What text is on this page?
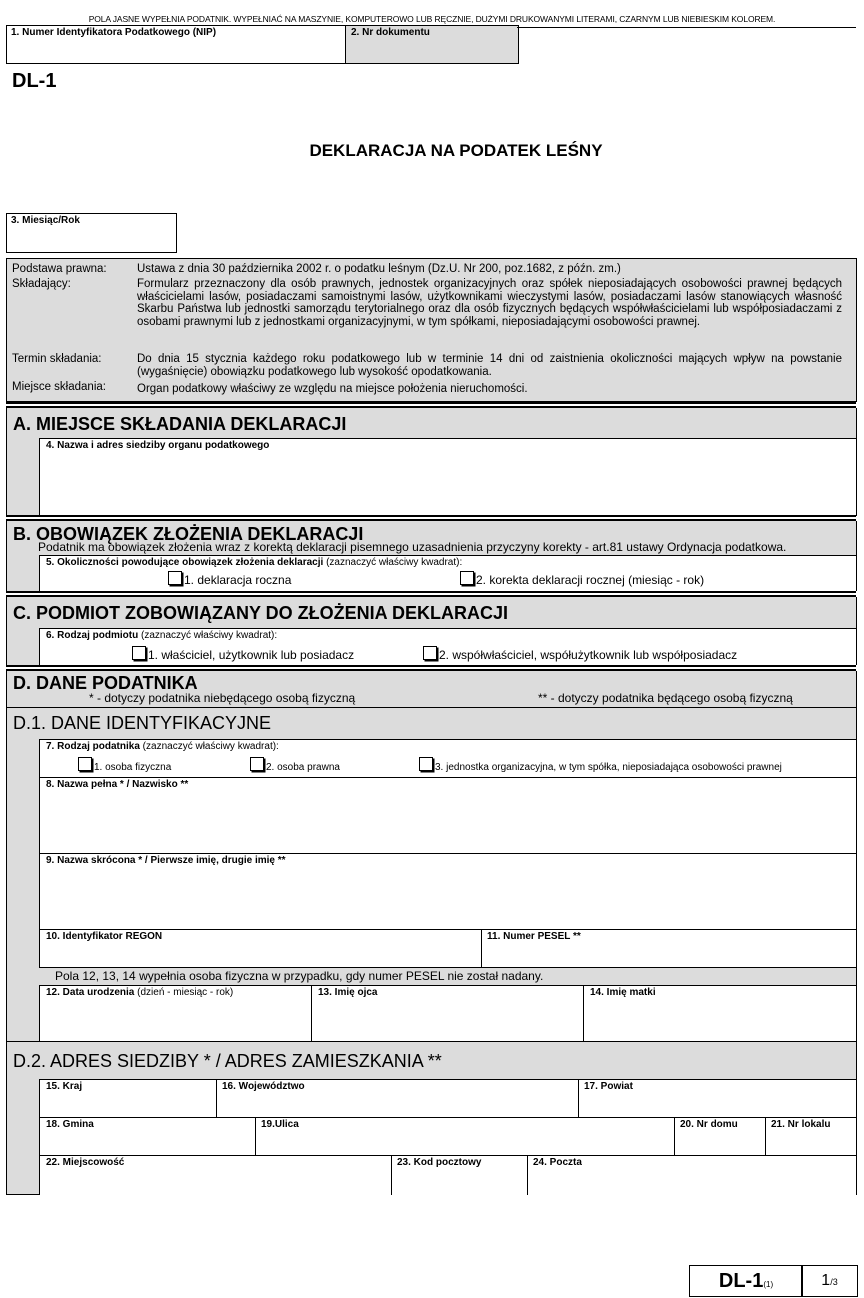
POLA JASNE WYPEŁNIA PODATNIK. WYPEŁNIAĆ NA MASZYNIE, KOMPUTEROWO LUB RĘCZNIE, DUŻYMI DRUKOWANYMI LITERAMI, CZARNYM LUB NIEBIESKIM KOLOREM.
1. Numer Identyfikatora Podatkowego (NIP)	2. Nr dokumentu
DL-1
DEKLARACJA NA PODATEK LEŚNY
3. Miesiąc/Rok
Podstawa prawna:	Ustawa z dnia 30 października 2002 r. o podatku leśnym (Dz.U. Nr 200, poz.1682, z późn. zm.)
Składający:	Formularz przeznaczony dla osób prawnych, jednostek organizacyjnych oraz spółek nieposiadających osobowości prawnej będących właścicielami lasów, posiadaczami samoistnymi lasów, użytkownikami wieczystymi lasów, posiadaczami lasów stanowiących własność Skarbu Państwa lub jednostki samorządu terytorialnego oraz dla osób fizycznych będących współwłaścicielami lub współposiadaczami z osobami prawnymi lub z jednostkami organizacyjnymi, w tym spółkami, nieposiadającymi osobowości prawnej.
Termin składania:	Do dnia 15 stycznia każdego roku podatkowego lub w terminie 14 dni od zaistnienia okoliczności mających wpływ na powstanie (wygaśnięcie) obowiązku podatkowego lub wysokość opodatkowania.
Miejsce składania:	Organ podatkowy właściwy ze względu na miejsce położenia nieruchomości.
A. MIEJSCE SKŁADANIA DEKLARACJI
4. Nazwa i adres siedziby organu podatkowego
B. OBOWIĄZEK ZŁOŻENIA DEKLARACJI
Podatnik ma obowiązek złożenia wraz z korektą deklaracji pisemnego uzasadnienia przyczyny korekty - art.81 ustawy Ordynacja podatkowa.
5. Okoliczności powodujące obowiązek złożenia deklaracji (zaznaczyć właściwy kwadrat):
1. deklaracja roczna	2. korekta deklaracji rocznej (miesiąc - rok)
C. PODMIOT ZOBOWIĄZANY DO ZŁOŻENIA DEKLARACJI
6. Rodzaj podmiotu (zaznaczyć właściwy kwadrat):
1. właściciel, użytkownik lub posiadacz	2. współwłaściciel, współużytkownik lub współposiadacz
D. DANE PODATNIKA
* - dotyczy podatnika niebędącego osobą fizyczną	** - dotyczy podatnika będącego osobą fizyczną
D.1. DANE IDENTYFIKACYJNE
7. Rodzaj podatnika (zaznaczyć właściwy kwadrat):
1. osoba fizyczna	2. osoba prawna	3. jednostka organizacyjna, w tym spółka, nieposiadająca osobowości prawnej
8. Nazwa pełna * / Nazwisko **
9. Nazwa skrócona * / Pierwsze imię, drugie imię **
10. Identyfikator REGON	11. Numer PESEL **
Pola 12, 13, 14 wypełnia osoba fizyczna w przypadku, gdy numer PESEL nie został nadany.
12. Data urodzenia (dzień - miesiąc - rok)	13. Imię ojca	14. Imię matki
D.2. ADRES SIEDZIBY * / ADRES ZAMIESZKANIA **
15. Kraj	16. Województwo	17. Powiat
18. Gmina	19.Ulica	20. Nr domu	21. Nr lokalu
22. Miejscowość	23. Kod pocztowy	24. Poczta
DL-1(1)	1/3
